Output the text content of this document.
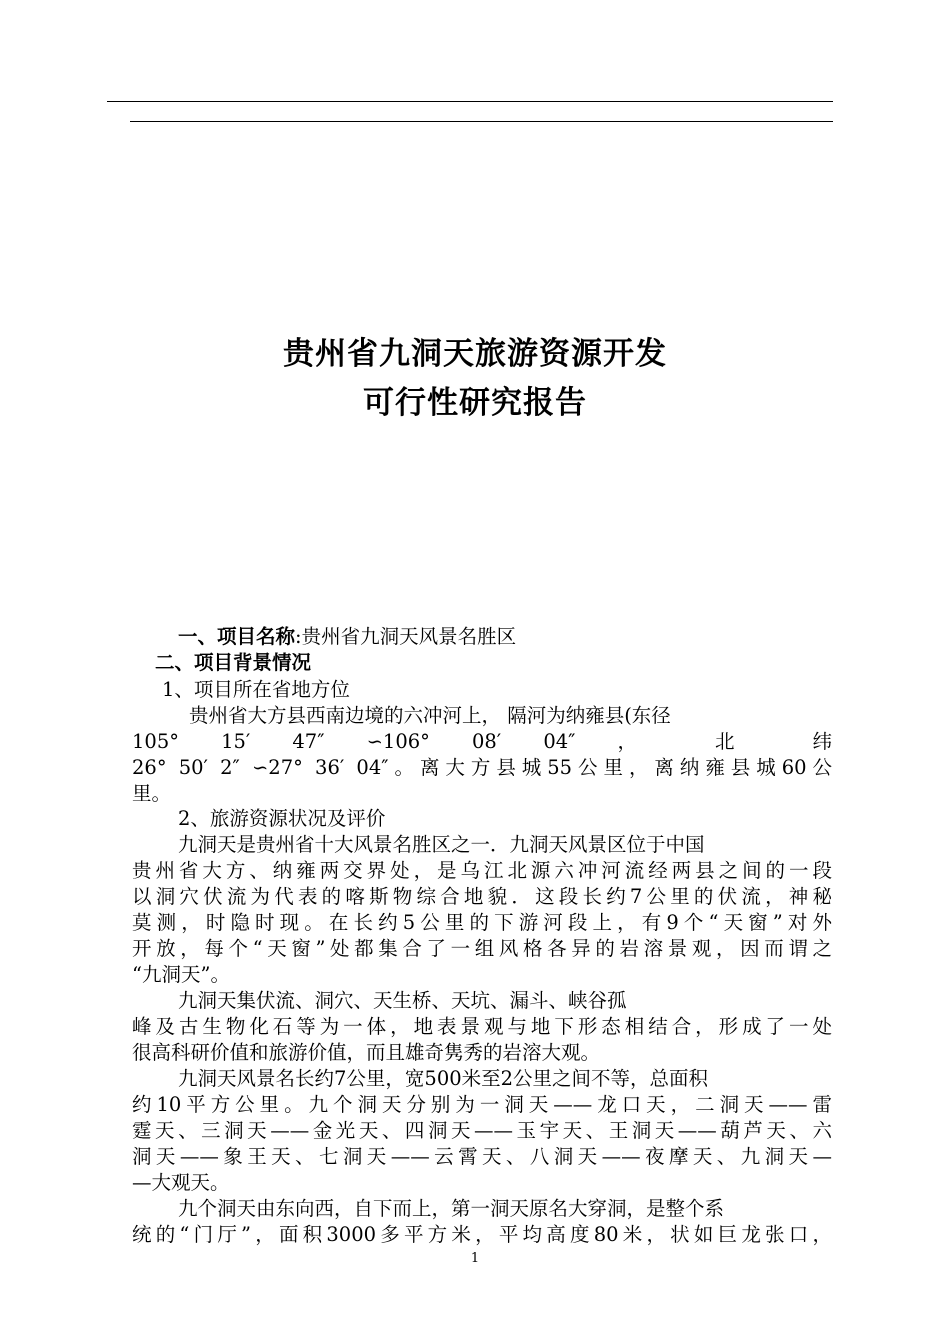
贵州省九洞天旅游资源开发
可行性研究报告
一、项目名称:贵州省九洞天风景名胜区
二、项目背景情况
1、项目所在省地方位
贵州省大方县西南边境的六冲河上， 隔河为纳雍县(东径
105° 15′ 47″ ∽106° 08′ 04″ ， 北 纬
26° 50′ 2″ ∽27° 36′ 04″。离大方县城55公里，离纳雍县城60公
里。
2、旅游资源状况及评价
九洞天是贵州省十大风景名胜区之一．九洞天风景区位于中国
贵州省大方、纳雍两交界处，是乌江北源六冲河流经两县之间的一段
以洞穴伏流为代表的喀斯物综合地貌．这段长约7公里的伏流，神秘
莫测，时隐时现。在长约5公里的下游河段上，有9个“天窗”对外
开放，每个“天窗”处都集合了一组风格各异的岩溶景观，因而谓之
“九洞天”。
九洞天集伏流、洞穴、天生桥、天坑、漏斗、峡谷孤
峰及古生物化石等为一体，地表景观与地下形态相结合，形成了一处
很高科研价值和旅游价值，而且雄奇隽秀的岩溶大观。
九洞天风景名长约7公里，宽500米至2公里之间不等，总面积
约10平方公里。九个洞天分别为一洞天——龙口天，二洞天——雷
霆天、三洞天——金光天、四洞天——玉宇天、王洞天——葫芦天、六
洞天——象王天、七洞天——云霄天、八洞天——夜摩天、九洞天—
—大观天。
九个洞天由东向西，自下而上，第一洞天原名大穿洞，是整个系
统的“门厅”，面积3000多平方米，平均高度80米，状如巨龙张口，
1
